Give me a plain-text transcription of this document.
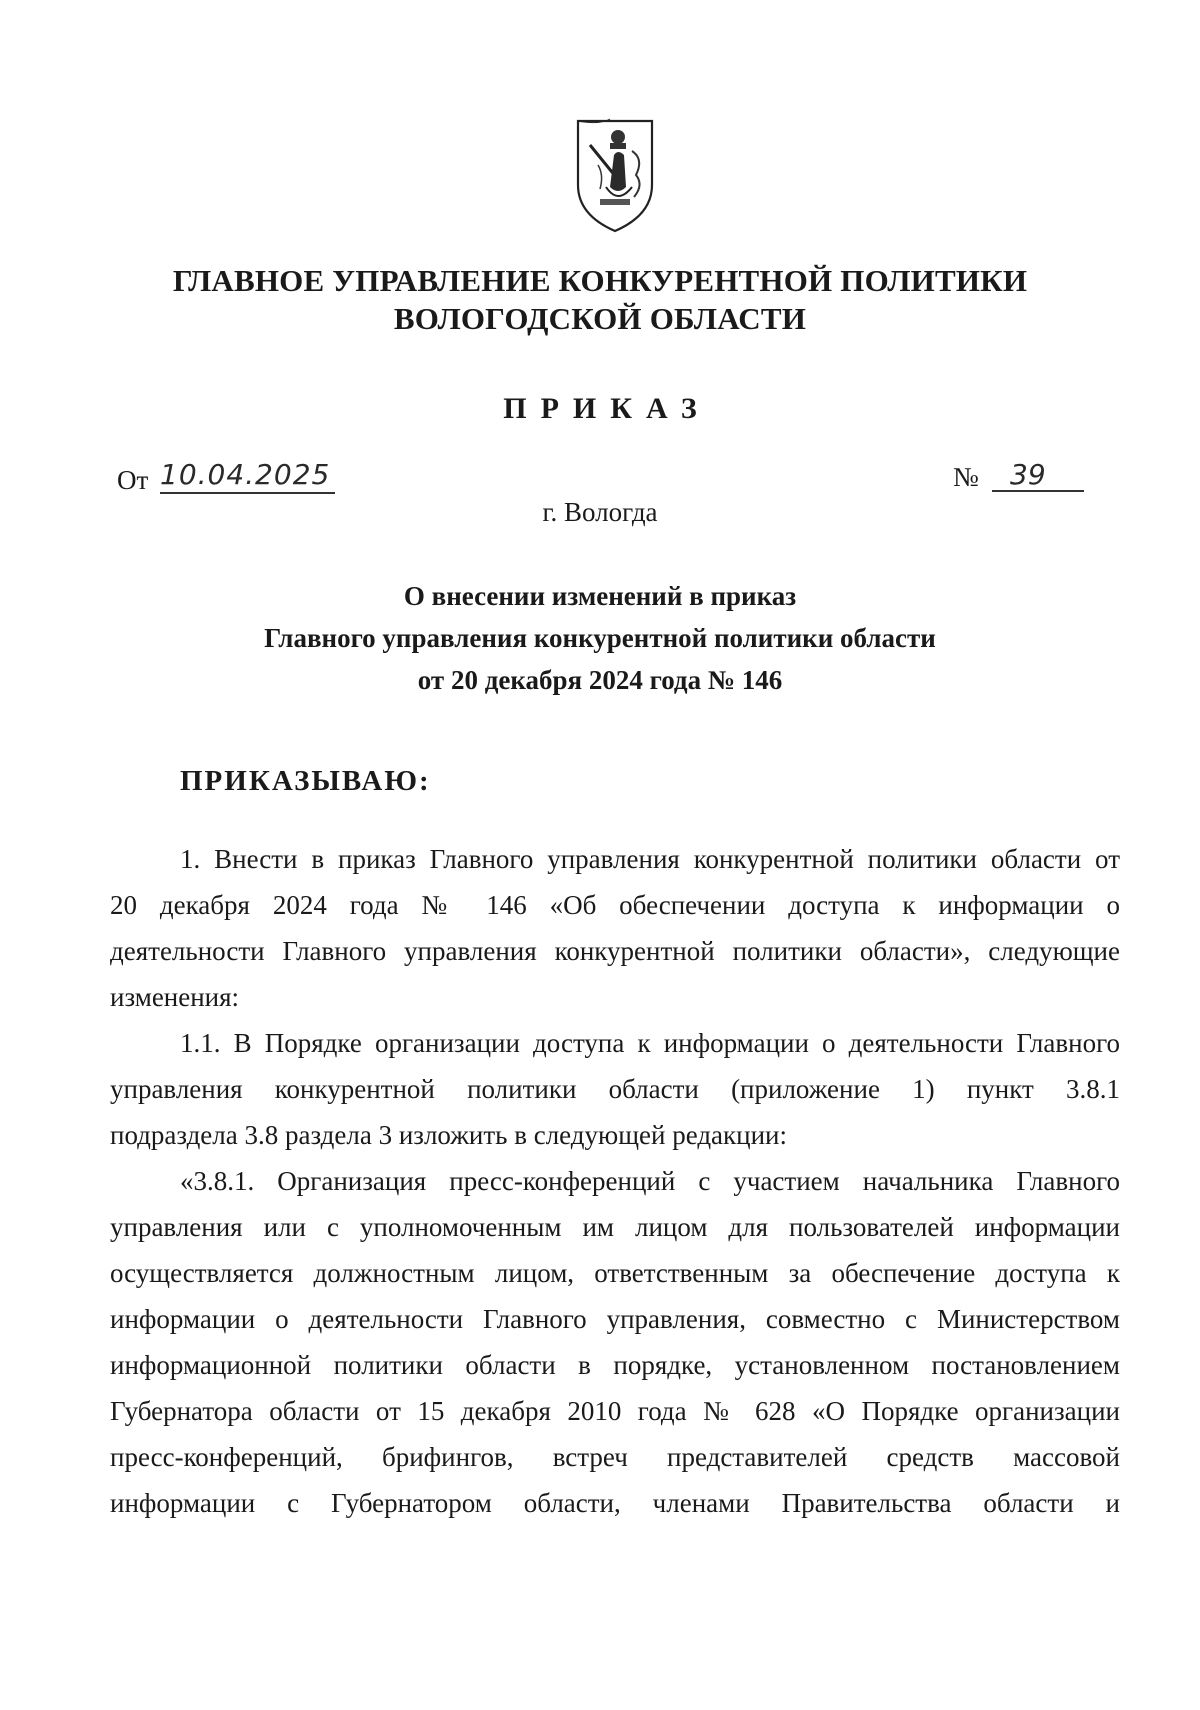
ГЛАВНОЕ УПРАВЛЕНИЕ КОНКУРЕНТНОЙ ПОЛИТИКИ
ВОЛОГОДСКОЙ ОБЛАСТИ
ПРИКАЗ
От 10.04.2025	№	39
г. Вологда
О внесении изменений в приказ
Главного управления конкурентной политики области
от 20 декабря 2024 года № 146
ПРИКАЗЫВАЮ:
1. Внести в приказ Главного управления конкурентной политики области от
20 декабря 2024 года № 146 «Об обеспечении доступа к информации о
деятельности Главного управления конкурентной политики области», следующие
изменения:
1.1. В Порядке организации доступа к информации о деятельности Главного
управления конкурентной политики области (приложение 1) пункт 3.8.1
подраздела 3.8 раздела 3 изложить в следующей редакции:
«3.8.1. Организация пресс-конференций с участием начальника Главного
управления или с уполномоченным им лицом для пользователей информации
осуществляется должностным лицом, ответственным за обеспечение доступа к
информации о деятельности Главного управления, совместно с Министерством
информационной политики области в порядке, установленном постановлением
Губернатора области от 15 декабря 2010 года № 628 «О Порядке организации
пресс-конференций, брифингов, встреч представителей средств массовой
информации с Губернатором области, членами Правительства области и
